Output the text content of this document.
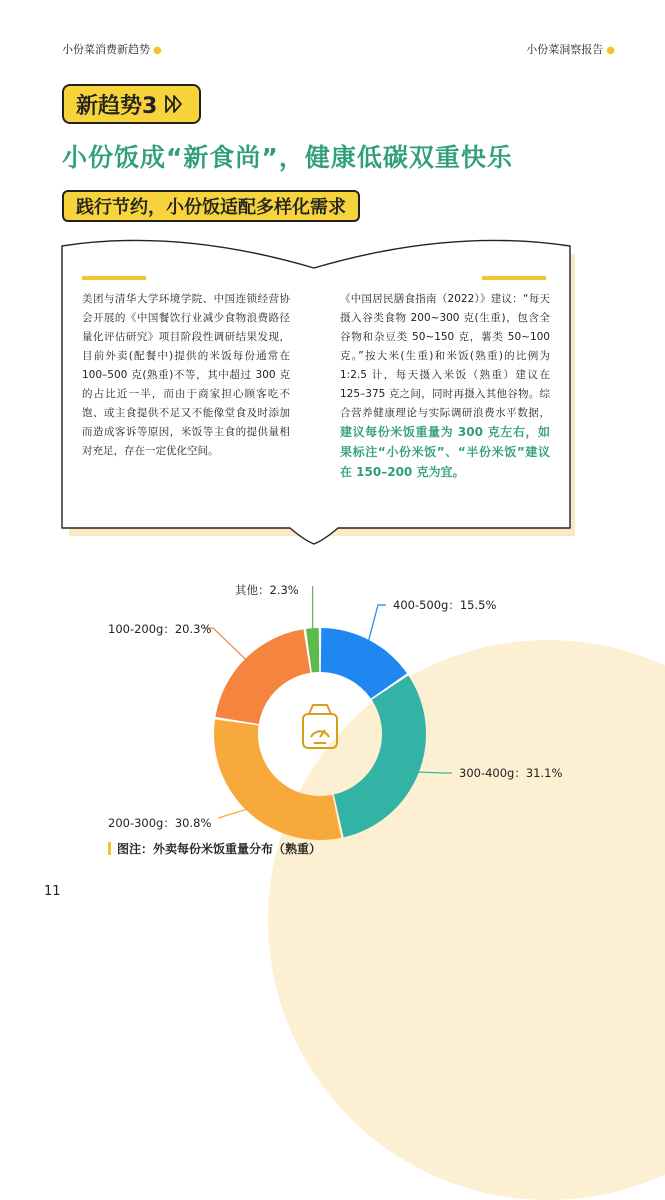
小份菜消费新趋势 ●	小份菜洞察报告 ●
新趋势3
小份饭成“新食尚”，健康低碳双重快乐
践行节约，小份饭适配多样化需求
美团与清华大学环境学院、中国连锁经营协会开展的《中国餐饮行业减少食物浪费路径量化评估研究》项目阶段性调研结果发现，目前外卖(配餐中)提供的米饭每份通常在 100–500 克(熟重)不等，其中超过 300 克的占比近一半，而由于商家担心顾客吃不饱、或主食提供不足又不能像堂食及时添加而造成客诉等原因，米饭等主食的提供量相对充足，存在一定优化空间。
《中国居民膳食指南（2022）》建议：“每天摄入谷类食物 200~300 克(生重)，包含全谷物和杂豆类 50~150 克，薯类 50~100 克。”按大米(生重)和米饭(熟重)的比例为 1:2.5 计，每天摄入米饭（熟重）建议在 125–375 克之间，同时再摄入其他谷物。综合营养健康理论与实际调研浪费水平数据，建议每份米饭重量为 300 克左右，如果标注“小份米饭”、“半份米饭”建议在 150–200 克为宜。
400-500g：15.5%
300-400g：31.1%
200-300g：30.8%
100-200g：20.3%
其他：2.3%
图注：外卖每份米饭重量分布（熟重）
11
